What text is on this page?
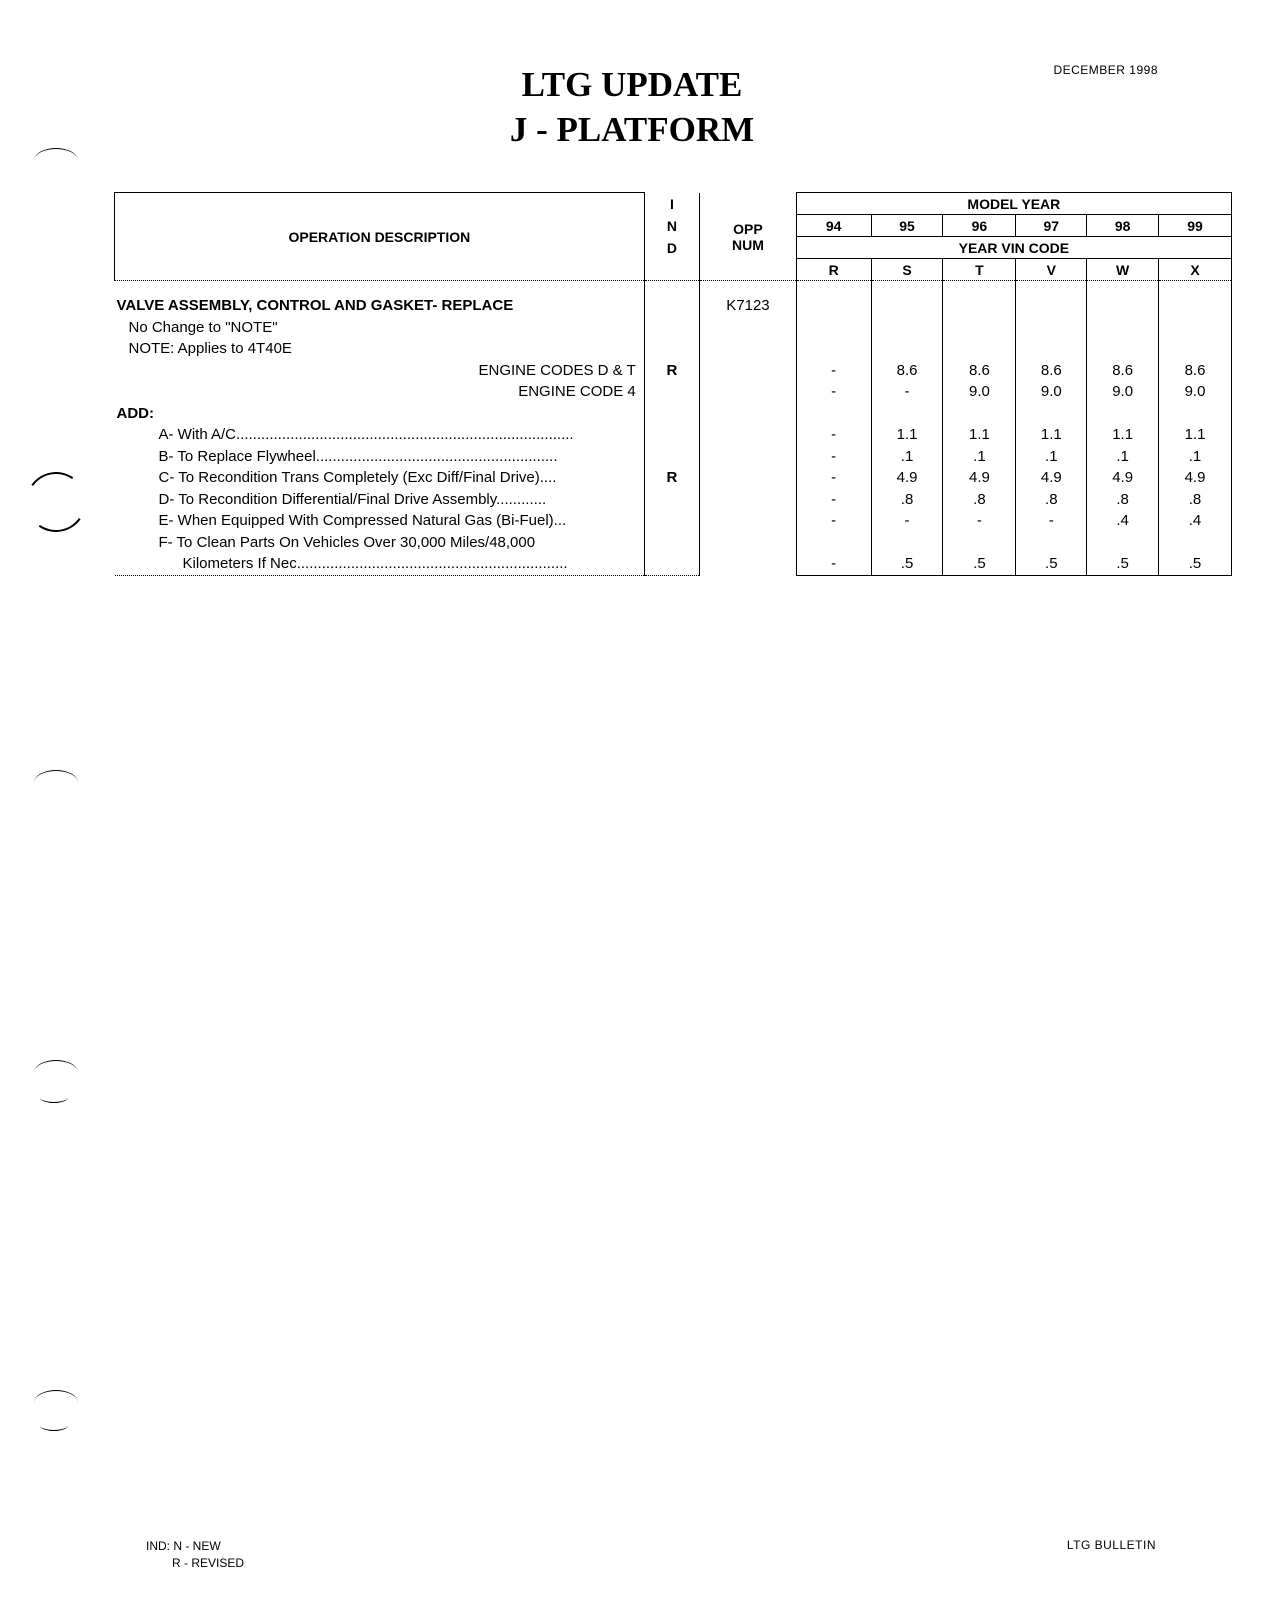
DECEMBER 1998
LTG UPDATE
J - PLATFORM
OPERATION DESCRIPTION	I	OPP	MODEL YEAR					
	N		94	95	96	97	98	99
	D	NUM	YEAR VIN CODE					
			R	S	T	V	W	X

VALVE ASSEMBLY, CONTROL AND GASKET- REPLACE		K7123						
No Change to "NOTE"								
NOTE: Applies to 4T40E								
ENGINE CODES D & T	R		-	8.6	8.6	8.6	8.6	8.6
ENGINE CODE 4			-	-	9.0	9.0	9.0	9.0
ADD:								
A- With A/C.................................................................................			-	1.1	1.1	1.1	1.1	1.1
B- To Replace Flywheel..........................................................			-	.1	.1	.1	.1	.1
C- To Recondition Trans Completely (Exc Diff/Final Drive)....	R		-	4.9	4.9	4.9	4.9	4.9
D- To Recondition Differential/Final Drive Assembly............			-	.8	.8	.8	.8	.8
E- When Equipped With Compressed Natural Gas (Bi-Fuel)...			-	-	-	-	.4	.4
F- To Clean Parts On Vehicles Over 30,000 Miles/48,000								
Kilometers If Nec.................................................................			-	.5	.5	.5	.5	.5
IND: N - NEW
R - REVISED
LTG BULLETIN
